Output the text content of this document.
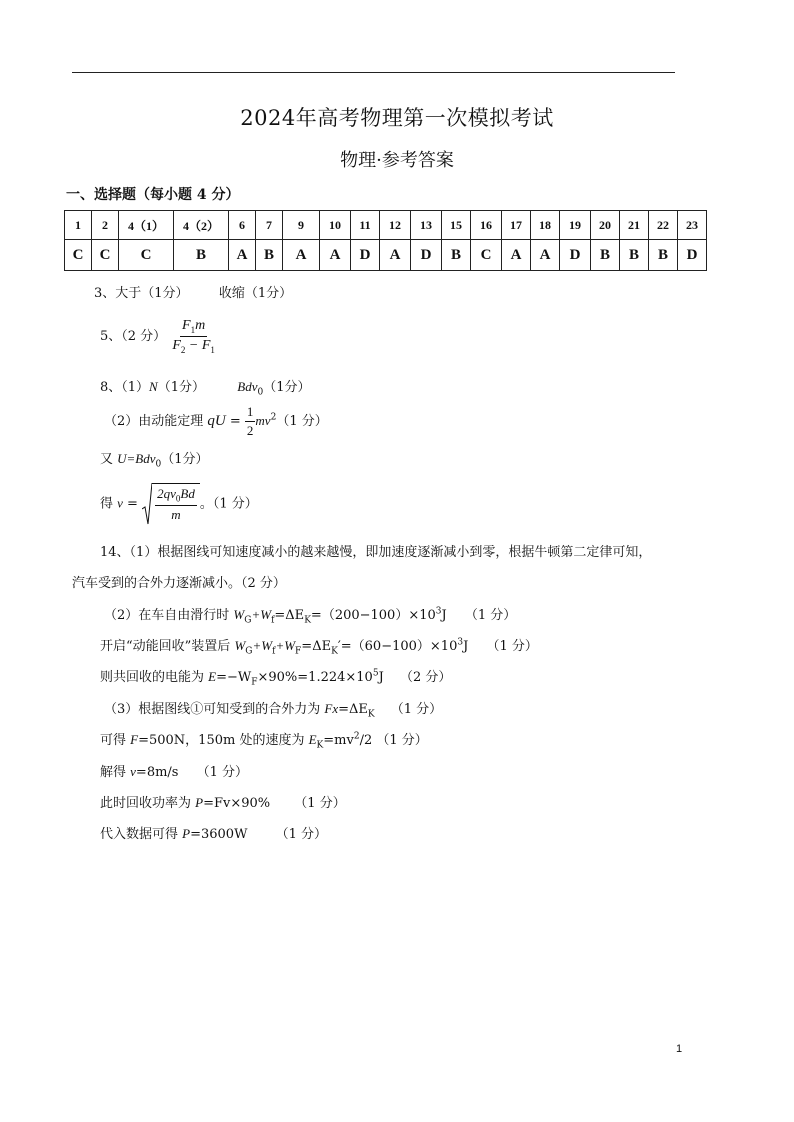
2024年高考物理第一次模拟考试
物理·参考答案
一、选择题（每小题 4 分）
1	2	4（1）	4（2）	6	7	9	10	11	12	13	15	16	17	18	19	20	21	22	23
C	C	C	B	A	B	A	A	D	A	D	B	C	A	A	D	B	B	B	D
3、大于（1分） 收缩（1分）
5、（2 分） $\frac{F_1m}{F_2 - F_1}$
8、（1）N（1分） Bdv$_0$（1分）
（2）由动能定理 qU = $\frac{1}{2} mv^2(1$ 分）
又 U=Bdv$_0$（1分）
得 $v = \frac{2qv_0Bd}{m}$ 。（1 分）
14、（1）根据图线可知速度减小的越来越慢，即加速度逐渐减小到零，根据牛顿第二定律可知，
汽车受到的合外力逐渐减小。（2 分）
（2）在车自由滑行时 $W_G+W_f=\Delta E_K=(200-100)\times 10^3J$ （1 分）
开启“动能回收”装置后 $W_G+W_f+W_F=\Delta E_K'=(60-100)\times 10^3J$ （1 分）
则共回收的电能为 $E=-W_F\times 90\%=1.224\times 10^5J$ （2 分）
（3）根据图线①可知受到的合外力为 $Fx=\Delta E_K$ （1 分）
可得 F=500N，150m 处的速度为 $E_K=mv^2/2$ （1 分）
解得 v=8m/s （1 分）
此时回收功率为 P=Fv×90% （1 分）
代入数据可得 P=3600W （1 分）
1
